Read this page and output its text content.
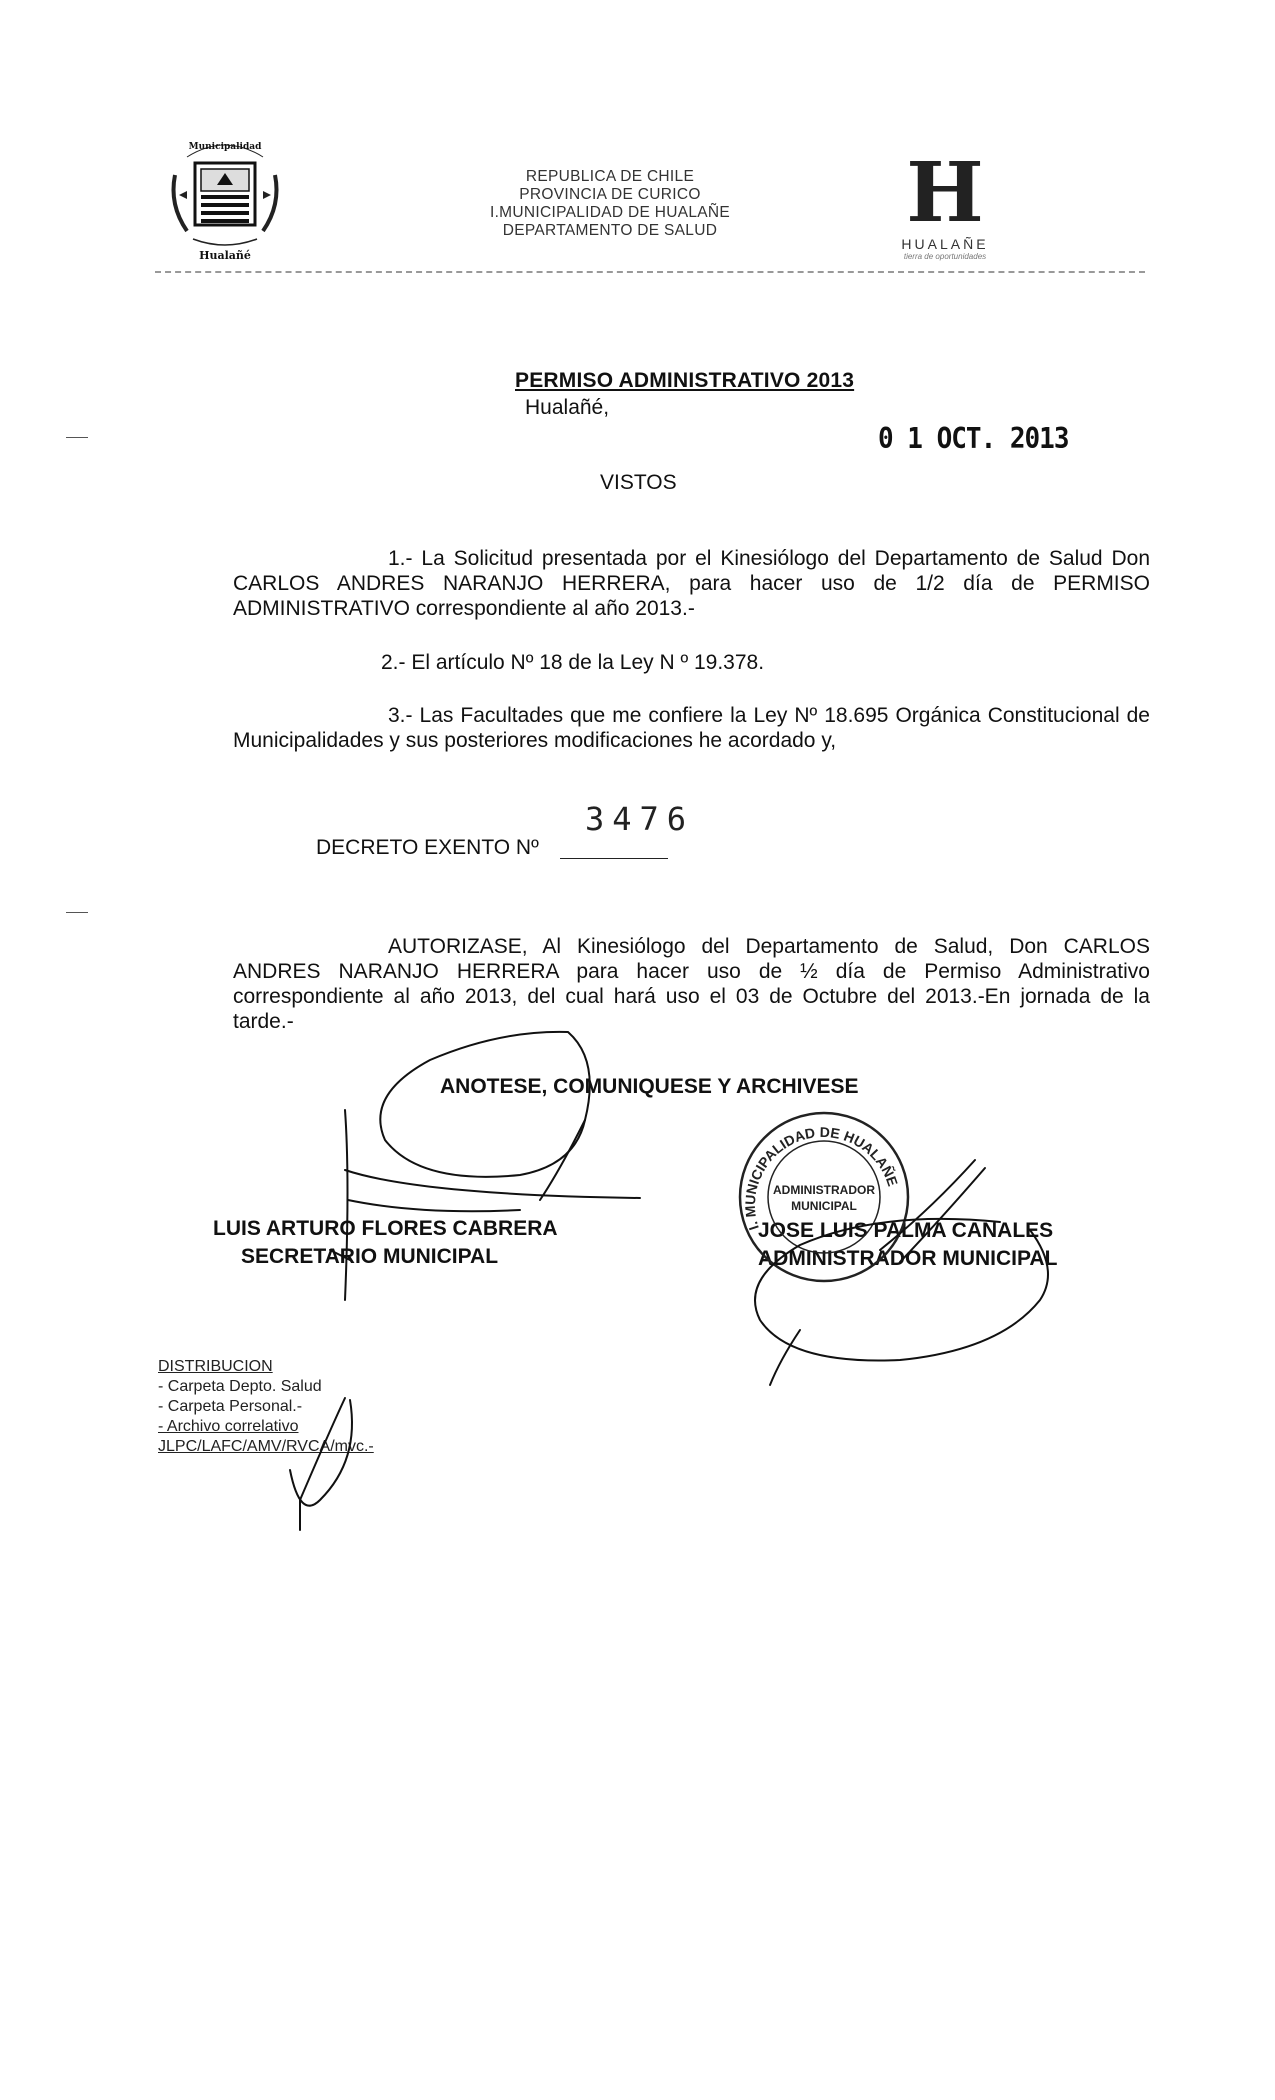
Municipalidad
Hualañé
REPUBLICA DE CHILE
PROVINCIA DE CURICO
I.MUNICIPALIDAD DE HUALAÑE
DEPARTAMENTO DE SALUD	H
HUALAÑE
tierra de oportunidades
PERMISO ADMINISTRATIVO 2013
Hualañé,
0 1 OCT. 2013
VISTOS
1.- La Solicitud presentada por el Kinesiólogo del Departamento de Salud Don CARLOS ANDRES NARANJO HERRERA, para hacer uso de 1/2 día de PERMISO ADMINISTRATIVO correspondiente al año 2013.-
2.- El artículo Nº 18 de la Ley N º 19.378.
3.- Las Facultades que me confiere la Ley Nº 18.695 Orgánica Constitucional de Municipalidades y sus posteriores modificaciones he acordado y,
DECRETO EXENTO Nº
3476
AUTORIZASE, Al Kinesiólogo del Departamento de Salud, Don CARLOS ANDRES NARANJO HERRERA para hacer uso de ½ día de Permiso Administrativo correspondiente al año 2013, del cual hará uso el 03 de Octubre del 2013.-En jornada de la tarde.-
ANOTESE, COMUNIQUESE Y ARCHIVESE
LUIS ARTURO FLORES CABRERA
SECRETARIO MUNICIPAL
JOSE LUIS PALMA CANALES
ADMINISTRADOR MUNICIPAL
I. MUNICIPALIDAD DE HUALAÑE
ADMINISTRADOR
MUNICIPAL
DISTRIBUCION
- Carpeta Depto. Salud
- Carpeta Personal.-
- Archivo correlativo
JLPC/LAFC/AMV/RVCA/mvc.-
